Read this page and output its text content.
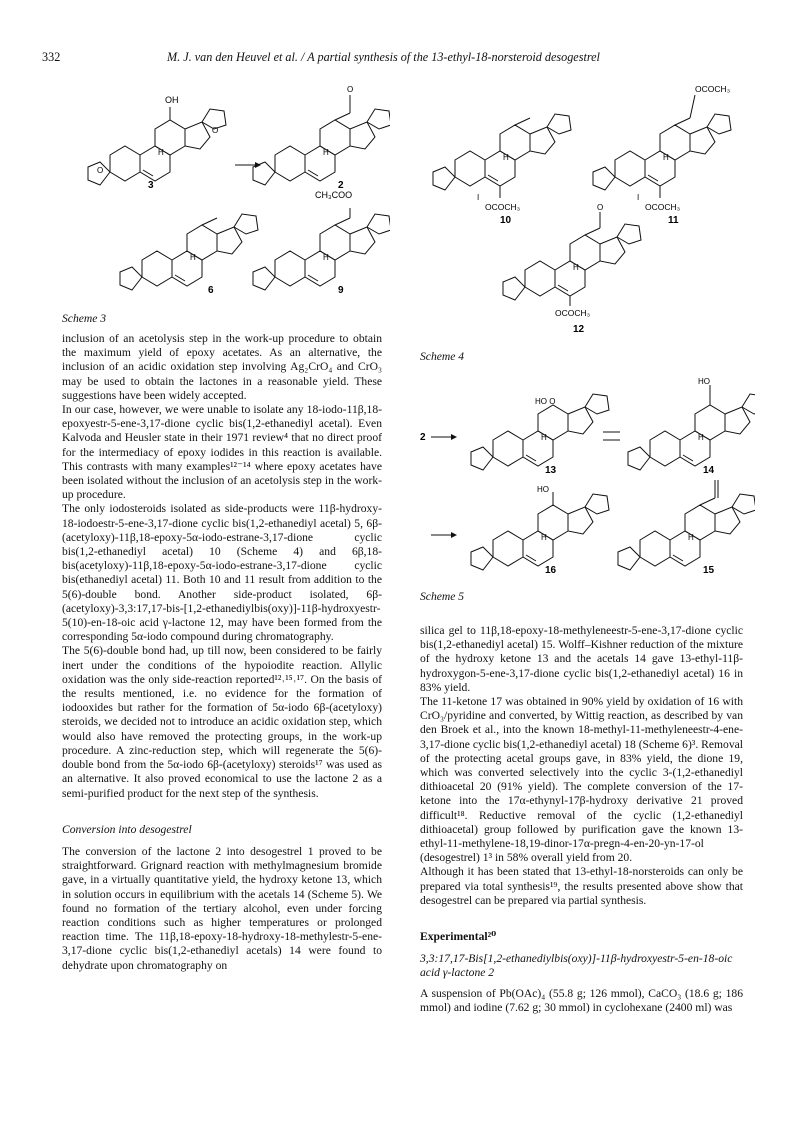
332	M. J. van den Heuvel et al. / A partial synthesis of the 13-ethyl-18-norsteroid desogestrel
OH
H
O
O
3
O
H
2
CH₃COO
H
6
H
9
Scheme 3
I
OCOCH₃
H
10
OCOCH₃
I
OCOCH₃
H
11
O
OCOCH₃
H
12
Scheme 4
2
HO O
H
13
HO
H
14
HO
H
16
H
15
Scheme 5

inclusion of an acetolysis step in the work-up procedure to obtain the maximum yield of epoxy acetates. As an alternative, the inclusion of an acidic oxidation step involving Ag₂CrO₄ and CrO₃ may be used to obtain the lactones in a reasonable yield. These suggestions have been widely accepted.

In our case, however, we were unable to isolate any 18-iodo-11β,18-epoxyestr-5-ene-3,17-dione cyclic bis(1,2-ethanediyl acetal). Even Kalvoda and Heusler state in their 1971 review⁴ that no direct proof for the intermediacy of epoxy iodides in this reaction is available. This contrasts with many examples¹²⁻¹⁴ where epoxy acetates have been isolated without the inclusion of an acetolysis step in the work-up procedure.

The only iodosteroids isolated as side-products were 11β-hydroxy-18-iodoestr-5-ene-3,17-dione cyclic bis(1,2-ethanediyl acetal) 5, 6β-(acetyloxy)-11β,18-epoxy-5α-iodo-estrane-3,17-dione cyclic bis(1,2-ethanediyl acetal) 10 (Scheme 4) and 6β,18-bis(acetyloxy)-11β,18-epoxy-5α-iodo-estrane-3,17-dione cyclic bis(ethanediyl acetal) 11. Both 10 and 11 result from addition to the 5(6)-double bond. Another side-product isolated, 6β-(acetyloxy)-3,3:17,17-bis-[1,2-ethanediylbis(oxy)]-11β-hydroxyestr-5(10)-en-18-oic acid γ-lactone 12, may have been formed from the corresponding 5α-iodo compound during chromatography.

The 5(6)-double bond had, up till now, been considered to be fairly inert under the conditions of the hypoiodite reaction. Allylic oxidation was the only side-reaction reported¹²˒¹⁵˒¹⁷. On the basis of the results mentioned, i.e. no evidence for the formation of iodooxides but rather for the formation of 5α-iodo 6β-(acetyloxy) steroids, we decided not to introduce an acidic oxidation step, which would also have removed the protecting groups, in the work-up procedure. A zinc-reduction step, which will regenerate the 5(6)-double bond from the 5α-iodo 6β-(acetyloxy) steroids¹⁷ was used as an alternative. It also proved economical to use the lactone 2 as a semi-purified product for the next step of the synthesis.

Conversion into desogestrel

The conversion of the lactone 2 into desogestrel 1 proved to be straightforward. Grignard reaction with methylmagnesium bromide gave, in a virtually quantitative yield, the hydroxy ketone 13, which in solution occurs in equilibrium with the acetals 14 (Scheme 5). We found no formation of the tertiary alcohol, even under forcing reaction conditions such as higher temperatures or prolonged reaction time. The 11β,18-epoxy-18-hydroxy-18-methylestr-5-ene-3,17-dione cyclic bis(1,2-ethanediyl acetals) 14 were found to dehydrate upon chromatography on

silica gel to 11β,18-epoxy-18-methyleneestr-5-ene-3,17-dione cyclic bis(1,2-ethanediyl acetal) 15. Wolff–Kishner reduction of the mixture of the hydroxy ketone 13 and the acetals 14 gave 13-ethyl-11β-hydroxygon-5-ene-3,17-dione cyclic bis(1,2-ethanediyl acetal) 16 in 83% yield.

The 11-ketone 17 was obtained in 90% yield by oxidation of 16 with CrO₃/pyridine and converted, by Wittig reaction, as described by van den Broek et al., into the known 18-methyl-11-methyleneestr-4-ene-3,17-dione cyclic bis(1,2-ethanediyl acetal) 18 (Scheme 6)³. Removal of the protecting acetal groups gave, in 83% yield, the dione 19, which was converted selectively into the cyclic 3-(1,2-ethanediyl dithioacetal 20 (91% yield). The complete conversion of the 17-ketone into the 17α-ethynyl-17β-hydroxy derivative 21 proved difficult¹⁸. Reductive removal of the cyclic (1,2-ethanediyl dithioacetal) group followed by purification gave the known 13-ethyl-11-methylene-18,19-dinor-17α-pregn-4-en-20-yn-17-ol (desogestrel) 1³ in 58% overall yield from 20.

Although it has been stated that 13-ethyl-18-norsteroids can only be prepared via total synthesis¹⁹, the results presented above show that desogestrel can be prepared via partial synthesis.

Experimental²⁰

3,3:17,17-Bis[1,2-ethanediylbis(oxy)]-11β-hydroxyestr-5-en-18-oic acid γ-lactone 2

A suspension of Pb(OAc)₄ (55.8 g; 126 mmol), CaCO₃ (18.6 g; 186 mmol) and iodine (7.62 g; 30 mmol) in cyclohexane (2400 ml) was
